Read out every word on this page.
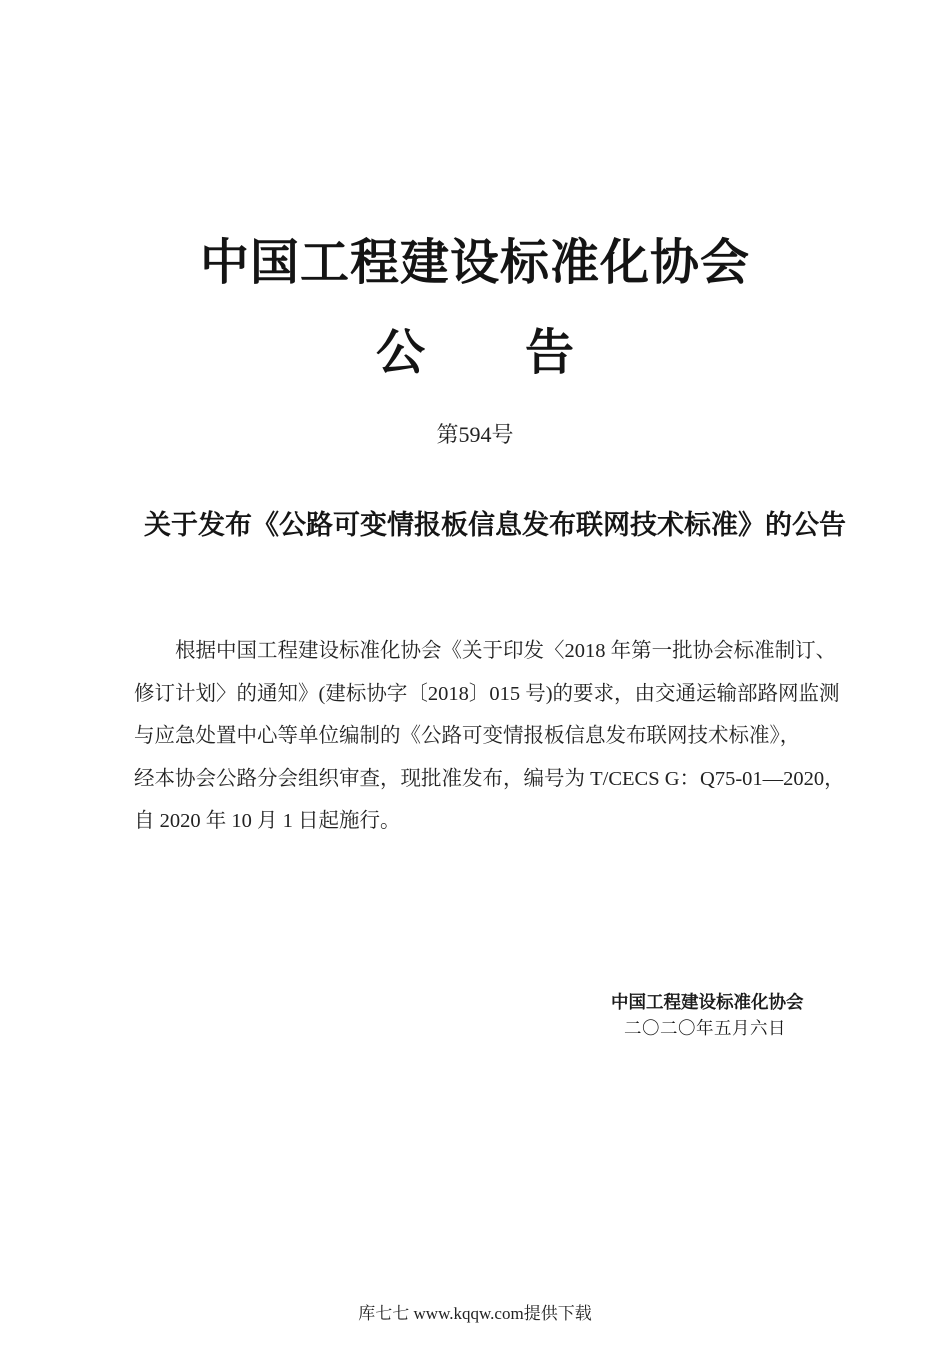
中国工程建设标准化协会
公 告
第594号
关于发布《公路可变情报板信息发布联网技术标准》的公告
根据中国工程建设标准化协会《关于印发〈2018 年第一批协会标准制订、
修订计划〉的通知》(建标协字〔2018〕015 号)的要求，由交通运输部路网监测
与应急处置中心等单位编制的《公路可变情报板信息发布联网技术标准》，
经本协会公路分会组织审查，现批准发布，编号为 T/CECS G：Q75-01—2020，
自 2020 年 10 月 1 日起施行。
中国工程建设标准化协会
二〇二〇年五月六日
库七七 www.kqqw.com提供下载
